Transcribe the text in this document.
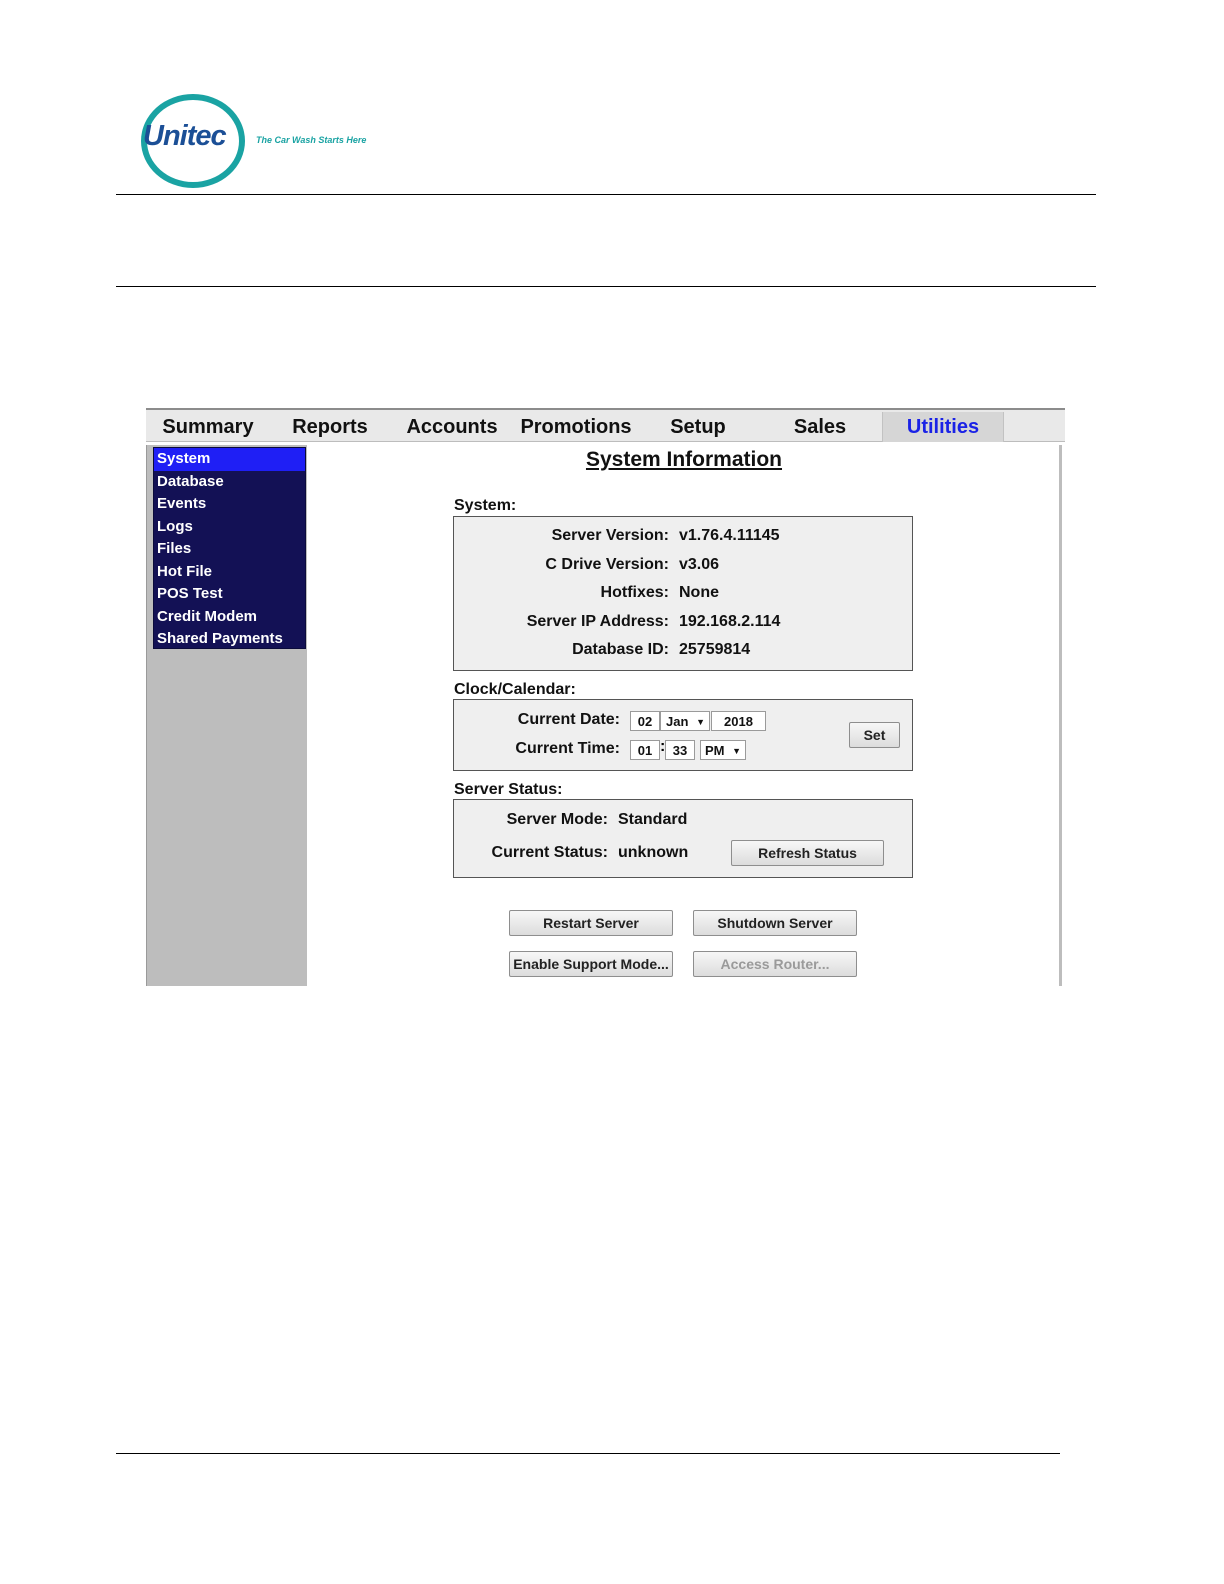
Unitec	The Car Wash Starts Here
Summary	Reports	Accounts	Promotions	Setup	Sales	Utilities
System
Database
Events
Logs
Files
Hot File
POS Test
Credit Modem
Shared Payments
System Information
System:
Server Version: v1.76.4.11145
C Drive Version: v3.06
Hotfixes: None
Server IP Address: 192.168.2.114
Database ID: 25759814
Clock/Calendar:
Current Date:	02	Jan ▼	2018
Current Time:	01 : 33	PM ▼
Set
Server Status:
Server Mode: Standard
Current Status: unknown	Refresh Status
Restart Server	Shutdown Server
Enable Support Mode...	Access Router...
